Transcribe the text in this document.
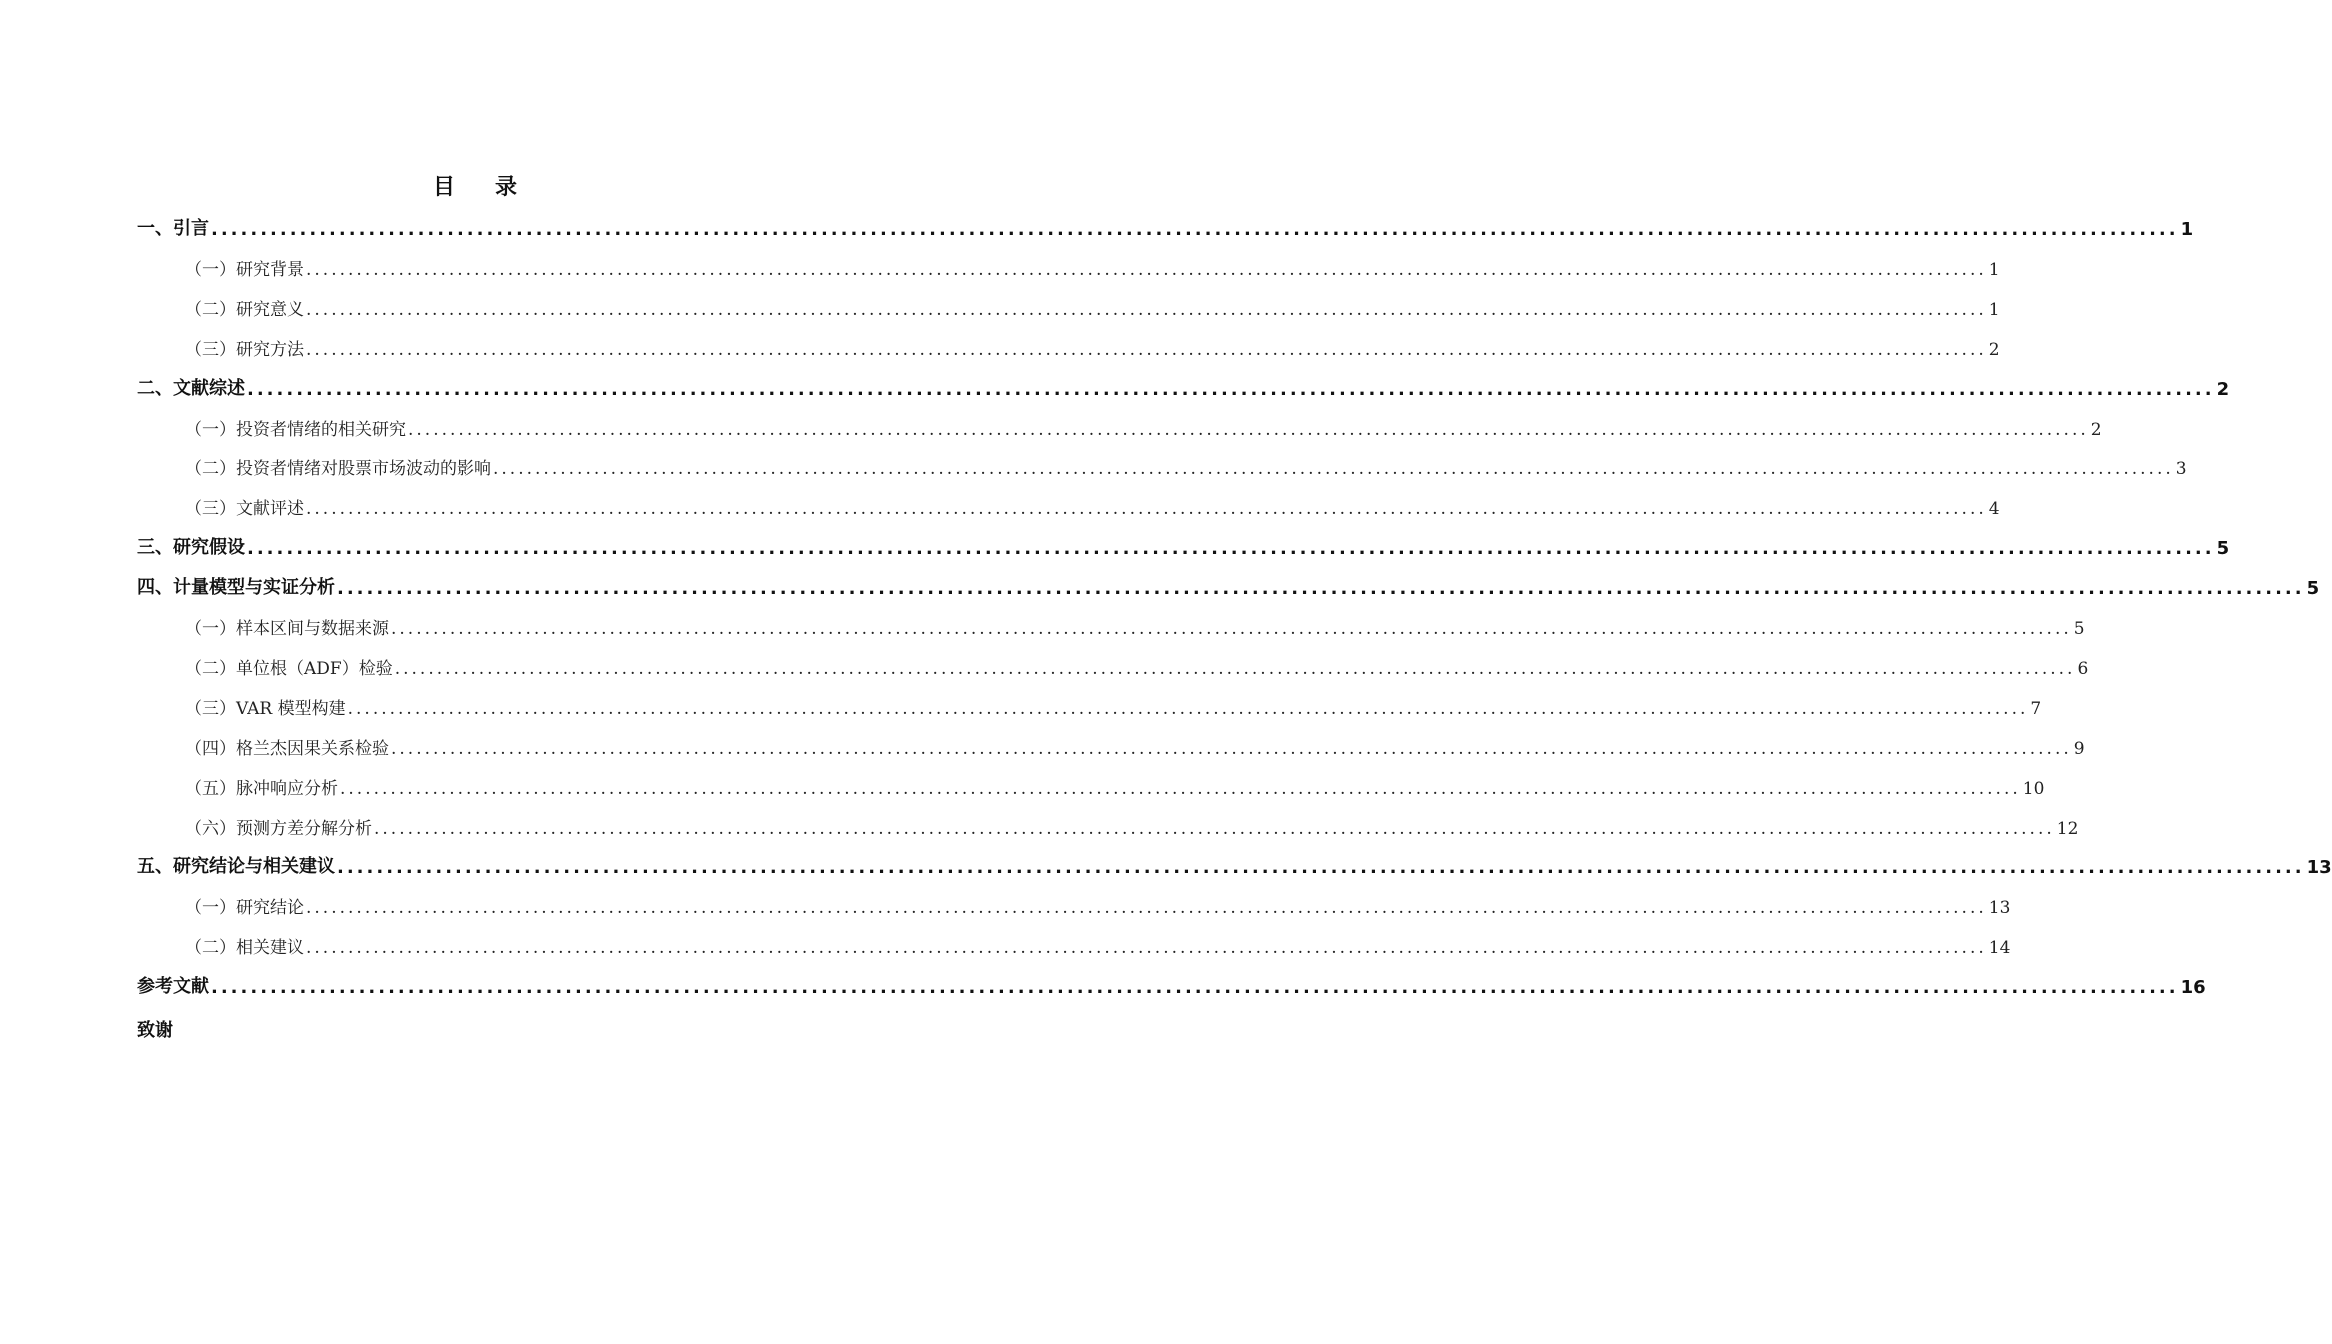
目 录
一、引言 ........................................................................................................................................................................................................ 1
（一）研究背景 ........................................................................................................................................................................................................ 1
（二）研究意义 ........................................................................................................................................................................................................ 1
（三）研究方法 ........................................................................................................................................................................................................ 2
二、文献综述 ........................................................................................................................................................................................................ 2
（一）投资者情绪的相关研究 ........................................................................................................................................................................................................ 2
（二）投资者情绪对股票市场波动的影响 ........................................................................................................................................................................................................ 3
（三）文献评述 ........................................................................................................................................................................................................ 4
三、研究假设 ........................................................................................................................................................................................................ 5
四、计量模型与实证分析 ........................................................................................................................................................................................................ 5
（一）样本区间与数据来源 ........................................................................................................................................................................................................ 5
（二）单位根（ADF）检验 ........................................................................................................................................................................................................ 6
（三）VAR 模型构建 ........................................................................................................................................................................................................ 7
（四）格兰杰因果关系检验 ........................................................................................................................................................................................................ 9
（五）脉冲响应分析 ........................................................................................................................................................................................................ 10
（六）预测方差分解分析 ........................................................................................................................................................................................................ 12
五、研究结论与相关建议 ........................................................................................................................................................................................................ 13
（一）研究结论 ........................................................................................................................................................................................................ 13
（二）相关建议 ........................................................................................................................................................................................................ 14
参考文献 ........................................................................................................................................................................................................ 16
致谢
